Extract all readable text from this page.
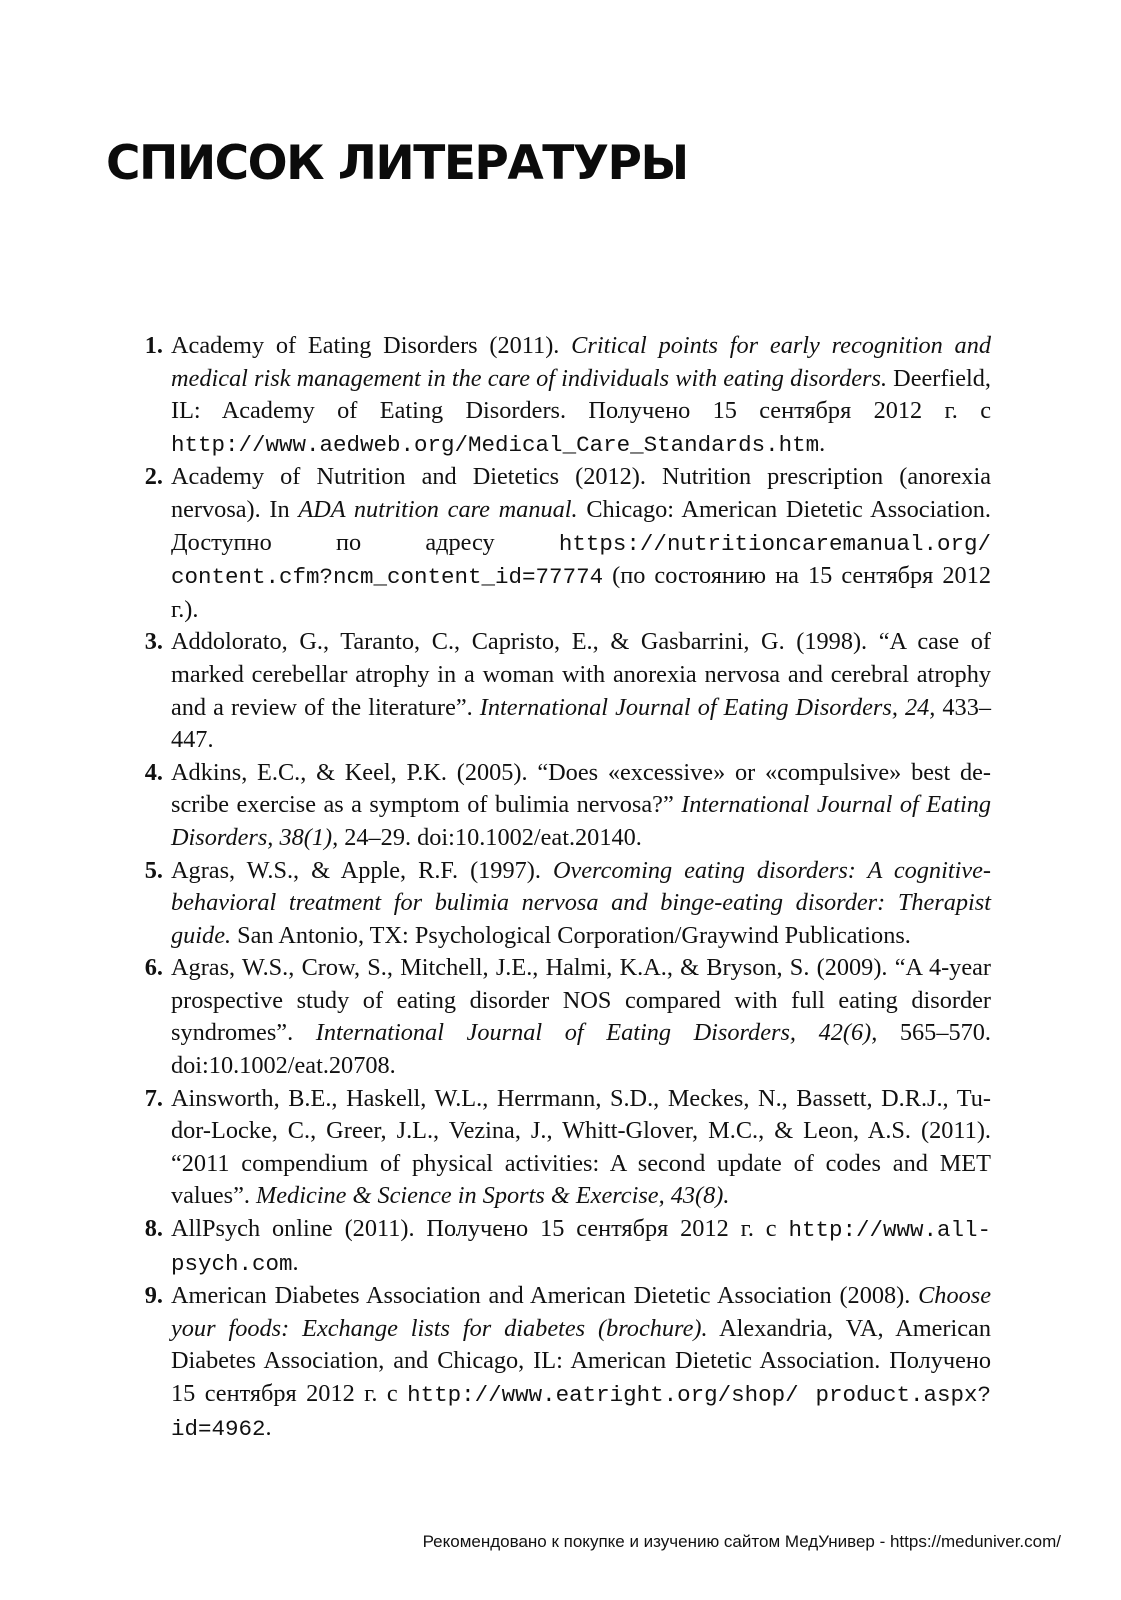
СПИСОК ЛИТЕРАТУРЫ
1. Academy of Eating Disorders (2011). Critical points for early recognition and medical risk management in the care of individuals with eating disorders. Deerfield, IL: Academy of Eating Disorders. Получено 15 сентября 2012 г. с http://www.aedweb.org/Medical_Care_Standards.htm.
2. Academy of Nutrition and Dietetics (2012). Nutrition prescription (anorexia nervosa). In ADA nutrition care manual. Chicago: American Dietetic Association. Доступно по адресу https://nutritioncaremanual.org/ content.cfm?ncm_content_id=77774 (по состоянию на 15 сентября 2012 г.).
3. Addolorato, G., Taranto, C., Capristo, E., & Gasbarrini, G. (1998). “A case of marked cerebellar atrophy in a woman with anorexia nervosa and cerebral atrophy and a review of the literature”. International Journal of Eating Disorders, 24, 433–447.
4. Adkins, E.C., & Keel, P.K. (2005). “Does «excessive» or «compulsive» best describe exercise as a symptom of bulimia nervosa?” International Journal of Eating Disorders, 38(1), 24–29. doi:10.1002/eat.20140.
5. Agras, W.S., & Apple, R.F. (1997). Overcoming eating disorders: A cognitive-behavioral treatment for bulimia nervosa and binge-eating disorder: Therapist guide. San Antonio, TX: Psychological Corporation/Graywind Publications.
6. Agras, W.S., Crow, S., Mitchell, J.E., Halmi, K.A., & Bryson, S. (2009). “A 4-year prospective study of eating disorder NOS compared with full eating disorder syndromes”. International Journal of Eating Disorders, 42(6), 565–570. doi:10.1002/eat.20708.
7. Ainsworth, B.E., Haskell, W.L., Herrmann, S.D., Meckes, N., Bassett, D.R.J., Tudor-Locke, C., Greer, J.L., Vezina, J., Whitt-Glover, M.C., & Leon, A.S. (2011). “2011 compendium of physical activities: A second update of codes and MET values”. Medicine & Science in Sports & Exercise, 43(8).
8. AllPsych online (2011). Получено 15 сентября 2012 г. с http://www.allpsych.com.
9. American Diabetes Association and American Dietetic Association (2008). Choose your foods: Exchange lists for diabetes (brochure). Alexandria, VA, American Diabetes Association, and Chicago, IL: American Dietetic Association. Получено 15 сентября 2012 г. с http://www.eatright.org/shop/ product.aspx?id=4962.
Рекомендовано к покупке и изучению сайтом МедУнивер - https://meduniver.com/
